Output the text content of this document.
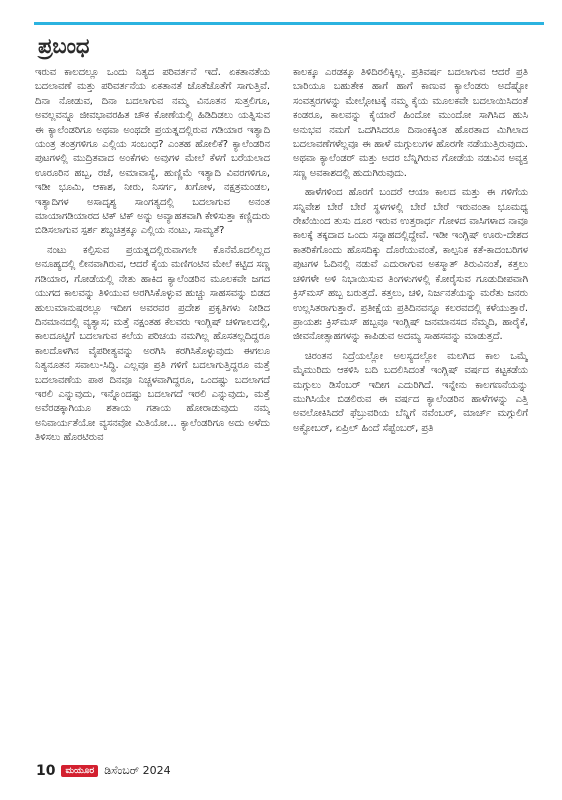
ಪ್ರಬಂಧ

ಇರುವ ಕಾಲದಲ್ಲೂ ಒಂದು ನಿತ್ಯದ ಪರಿವರ್ತನೆ ಇದೆ. ಏಕತಾನತೆಯ ಬದಲಾವಣೆ ಮತ್ತು ಪರಿವರ್ತನೆಯ ಏಕತಾನತೆ ಜೊತೆಜೊತೆಗೆ ಸಾಗುತ್ತಿವೆ. ದಿನಾ ನೋಡುವ, ದಿನಾ ಬದಲಾಗುವ ನಮ್ಮ ವಿನೂತನ ಸುತ್ತಲಿಗೂ, ಅವಲ್ಲವನ್ನೂ ಜೀವಭಾವರಹಿತ ಚೌಕ ಕೋಣೆಯಲ್ಲಿ ಹಿಡಿದಿಡಲು ಯತ್ನಿಸುವ ಈ ಕ್ಯಾಲೆಂಡರಿಗೂ ಅಥವಾ ಅಂಥದೇ ಪ್ರಯತ್ನದಲ್ಲಿರುವ ಗಡಿಯಾರ ಇತ್ಯಾದಿ ಯಂತ್ರ ತಂತ್ರಗಳಿಗೂ ಎಲ್ಲಿಯ ಸಂಬಂಧ? ಎಂತಹ ಹೋಲಿಕೆ? ಕ್ಯಾಲೆಂಡರಿನ ಪುಟಗಳಲ್ಲಿ ಮುದ್ರಿತವಾದ ಅಂಕೆಗಳು ಅವುಗಳ ಮೇಲೆ ಕೆಳಗೆ ಬರೆಯಲಾದ ಊರೂರಿನ ಹಬ್ಬ, ರಜೆ, ಅಮಾವಾಸ್ಯೆ, ಹುಣ್ಣಿಮೆ ಇತ್ಯಾದಿ ವಿವರಗಳಿಗೂ, ಇಡೀ ಭೂಮಿ, ಆಕಾಶ, ನೀರು, ನಿಸರ್ಗ, ಖಗೋಳ, ನಕ್ಷತ್ರಮಂಡಲ, ಇತ್ಯಾದಿಗಳ ಅಸಾದೃಶ್ಯ ಸಾಂಗತ್ಯದಲ್ಲಿ ಬದಲಾಗುವ ಅನಂತ ಮಾಯಾಗಡಿಯಾರದ ಟಿಕ್ ಟಿಕ್ ಅನ್ನು ಅವ್ಯಾಹತವಾಗಿ ಕೇಳಿಸುತ್ತಾ ಕಣ್ಣಿದುರು ಬಿಡಿಸಲಾಗುವ ಸ್ಪರ್ಶ ಶಬ್ದಚಿತ್ರಕ್ಕೂ ಎಲ್ಲಿಯ ನಂಟು, ಸಾಮ್ಯತೆ?

ನಂಟು ಕಲ್ಪಿಸುವ ಪ್ರಯತ್ನದಲ್ಲಿರುವಾಗಲೇ ಕೊನೆಮೊದಲಿಲ್ಲದ ಅನೂಹ್ಯದಲ್ಲಿ ಲೀನವಾಗಿರುವ, ಆದರೆ ಕೈಯ ಮಣಿಗಂಟಿನ ಮೇಲೆ ಕಟ್ಟಿದ ಸಣ್ಣ ಗಡಿಯಾರ, ಗೋಡೆಯಲ್ಲಿ ನೇತು ಹಾಕಿದ ಕ್ಯಾಲೆಂಡರಿನ ಮೂಲಕವೇ ಜಗದ ಯುಗದ ಕಾಲವನ್ನು ತಿಳಿಯುವ ಅರಗಿಸಿಕೊಳ್ಳುವ ಹುಚ್ಚು ಸಾಹಸವನ್ನು ಬಿಡದ ಹುಲುಮಾನುಷರಲ್ಲೂ ಇದೀಗ ಅವರವರ ಪ್ರದೇಶ ಪ್ರಕೃತಿಗಳು ನೀಡಿದ ದಿನಮಾನದಲ್ಲಿ ವ್ಯತ್ಯಾಸ; ಮತ್ತೆ ನಕ್ಷಂತಹ ಕೆಲವರು ಇಂಗ್ಲಿಷ್ ಚಳಿಗಾಲದಲ್ಲಿ, ಕಾಲದೂಟ್ಟಿಗೆ ಬದಲಾಗುವ ಕಲೆಯ ಪರಿಚಯ ನಮಗಿಲ್ಲ ಹೊಸತಲ್ಲದಿದ್ದರೂ ಕಾಲದೊಳಗಿನ ವೈಪರೀತ್ಯವನ್ನು ಅರಗಿಸಿ ಕರಗಿಸಿಕೊಳ್ಳುವುದು ಈಗಲೂ ನಿತ್ಯನೂತನ ಸವಾಲು-ಸಿದ್ಧಿ. ಎಲ್ಲವೂ ಪ್ರತಿ ಗಳಿಗೆ ಬದಲಾಗುತ್ತಿದ್ದರೂ ಮತ್ತೆ ಬದಲಾವಣೆಯ ಪಾಠ ದಿನವೂ ನಿಚ್ಚಳವಾಗಿದ್ದರೂ, ಒಂದಷ್ಟು ಬದಲಾಗದೆ ಇರಲಿ ಎನ್ನುವುದು, ಇನ್ನೊಂದಷ್ಟು ಬದಲಾಗದೆ ಇರಲಿ ಎನ್ನುವುದು, ಮತ್ತೆ ಅವೆರಡಕ್ಕಾಗಿಯೂ ಶತಾಯ ಗತಾಯ ಹೋರಾಡುವುದು ನಮ್ಮ ಅನಿವಾರ್ಯತೆಯೋ ವ್ಯಸನವೋ ಮಿತಿಯೋ... ಕ್ಯಾಲೆಂಡರಿಗೂ ಅದು ಅಳೆದು ತಿಳಿಸಲು ಹೊರಟಿರುವ

ಕಾಲಕ್ಕೂ ಎರಡಕ್ಕೂ ತಿಳಿದಿರಲಿಕ್ಕಿಲ್ಲ. ಪ್ರತಿವರ್ಷ ಬದಲಾಗುವ ಆದರೆ ಪ್ರತಿ ಬಾರಿಯೂ ಬಹುತೇಕ ಹಾಗೆ ಹಾಗೆ ಕಾಣುವ ಕ್ಯಾಲೆಂಡರು ಅದೆಷ್ಟೋ ಸಂವತ್ಸರಗಳನ್ನು ಮೇಲ್ಗೋಟಕ್ಕೆ ನಮ್ಮ ಕೈಯ ಮೂಲಕವೇ ಬದಲಾಯಿಸಿದಂತೆ ಕಂಡರೂ, ಕಾಲವನ್ನು ಕೈಯಾರೆ ಹಿಂದೋ ಮುಂದೋ ಸಾಗಿಸಿದ ಹುಸಿ ಅನುಭವ ನಮಗೆ ಒದಗಿಸಿದರೂ ದಿನಾಂಕಕ್ಕಿಂತ ಹೊರತಾದ ಮಿಗಿಲಾದ ಬದಲಾವಣೆಗಳೆಲ್ಲವೂ ಈ ಹಾಳೆ ಮಗ್ಗುಲುಗಳ ಹೊರಗೇ ನಡೆಯುತ್ತಿರುವುದು. ಅಥವಾ ಕ್ಯಾಲೆಂಡರ್ ಮತ್ತು ಅದರ ಬೆನ್ನಿಗಿರುವ ಗೋಡೆಯ ನಡುವಿನ ಅವ್ಯಕ್ತ ಸಣ್ಣ ಅವಕಾಶದಲ್ಲಿ ಹುದುಗಿರುವುದು.

ಹಾಳೆಗಳಿಂದ ಹೊರಗೆ ಬಂದರೆ ಆಯಾ ಕಾಲದ ಮತ್ತು ಈ ಗಳಿಗೆಯ ಸನ್ನಿವೇಶ ಬೇರೆ ಬೇರೆ ಸ್ಥಳಗಳಲ್ಲಿ ಬೇರೆ ಬೇರೆ ಇರುವಂತಾ ಭೂಮಧ್ಯ ರೇಖೆಯಿಂದ ತುಸು ದೂರ ಇರುವ ಉತ್ತರಾರ್ಧ ಗೋಳದ ವಾಸಿಗಳಾದ ನಾವೂ ಕಾಲಕ್ಕೆ ತಕ್ಕದಾದ ಒಂದು ಸನ್ನಾಹದಲ್ಲಿದ್ದೇವೆ. ಇಡೀ ಇಂಗ್ಲಿಷ್ ಊರು-ದೇಶದ ಕಾತರಿಕೆಗೊಂದು ಹೊಸದಿಕ್ಕು ದೊರೆಯುವಂತೆ, ಕಾಲ್ಪನಿಕ ಕತೆ-ಕಾದಂಬರಿಗಳ ಪುಟಗಳ ಓದಿನಲ್ಲಿ ನಡುವೆ ಎದುರಾಗುವ ಅಕಸ್ಮಾತ್ ತಿರುವಿನಂತೆ, ಕತ್ತಲು ಚಳಿಗಳೇ ಅಳಿ ನಿಭಾಯಿಸುವ ತಿಂಗಳುಗಳಲ್ಲಿ ಕೋರೈಸುವ ಗೂಡುದೀಪವಾಗಿ ಕ್ರಿಸ್‌ಮಸ್ ಹಬ್ಬ ಬರುತ್ತದೆ. ಕತ್ತಲು, ಚಳಿ, ನಿರ್ಜನತೆಯನ್ನು ಮರೆತು ಜನರು ಉಲ್ಲಸಿತರಾಗುತ್ತಾರೆ. ಪ್ರತೀಕ್ಷೆಯ ಪ್ರತಿದಿನವನ್ನೂ ಕಲರವದಲ್ಲಿ ಕಳೆಯುತ್ತಾರೆ. ಪ್ರಾಯಶಃ ಕ್ರಿಸ್‌ಮಸ್ ಹಬ್ಬವೂ ಇಂಗ್ಲಿಷ್ ಜನಮಾನಸದ ನೆಮ್ಮದಿ, ಹಾರೈಕೆ, ಜೀವನೋತ್ಸಾಹಗಳನ್ನು ಕಾಪಿಡುವ ಅದಮ್ಯ ಸಾಹಸವನ್ನು ಮಾಡುತ್ತದೆ.

ಚಿರಂತನ ನಿದ್ರೆಯಲ್ಲೋ ಅಲಸ್ಯದಲ್ಲೋ ಮಲಗಿದ ಕಾಲ ಒಮ್ಮೆ ಮೈಮುರಿದು ಆಕಳಿಸಿ ಬದಿ ಬದಲಿಸಿದಂತೆ ಇಂಗ್ಲಿಷ್ ವರ್ಷದ ಕಟ್ಟಕಡೆಯ ಮಗ್ಗುಲು ಡಿಸೆಂಬರ್ ಇದೀಗ ಎದುರಿಗಿದೆ. ಇನ್ನೇನು ಕಾಲಗಣನೆಯನ್ನು ಮುಗಿಸಿಯೇ ಬಿಡಲಿರುವ ಈ ವರ್ಷದ ಕ್ಯಾಲೆಂಡರಿನ ಹಾಳೆಗಳನ್ನು ಎತ್ತಿ ಅವಲೋಕಿಸಿದರೆ ಫೆಬ್ರುವರಿಯ ಬೆನ್ನಿಗೆ ನವೆಂಬರ್, ಮಾರ್ಚ್ ಮಗ್ಗುಲಿಗೆ ಅಕ್ಟೋಬರ್, ಏಪ್ರಿಲ್ ಹಿಂದೆ ಸೆಪ್ಟೆಂಬರ್, ಪ್ರತಿ

10	ಮಯೂರ ಡಿಸೆಂಬರ್ 2024
